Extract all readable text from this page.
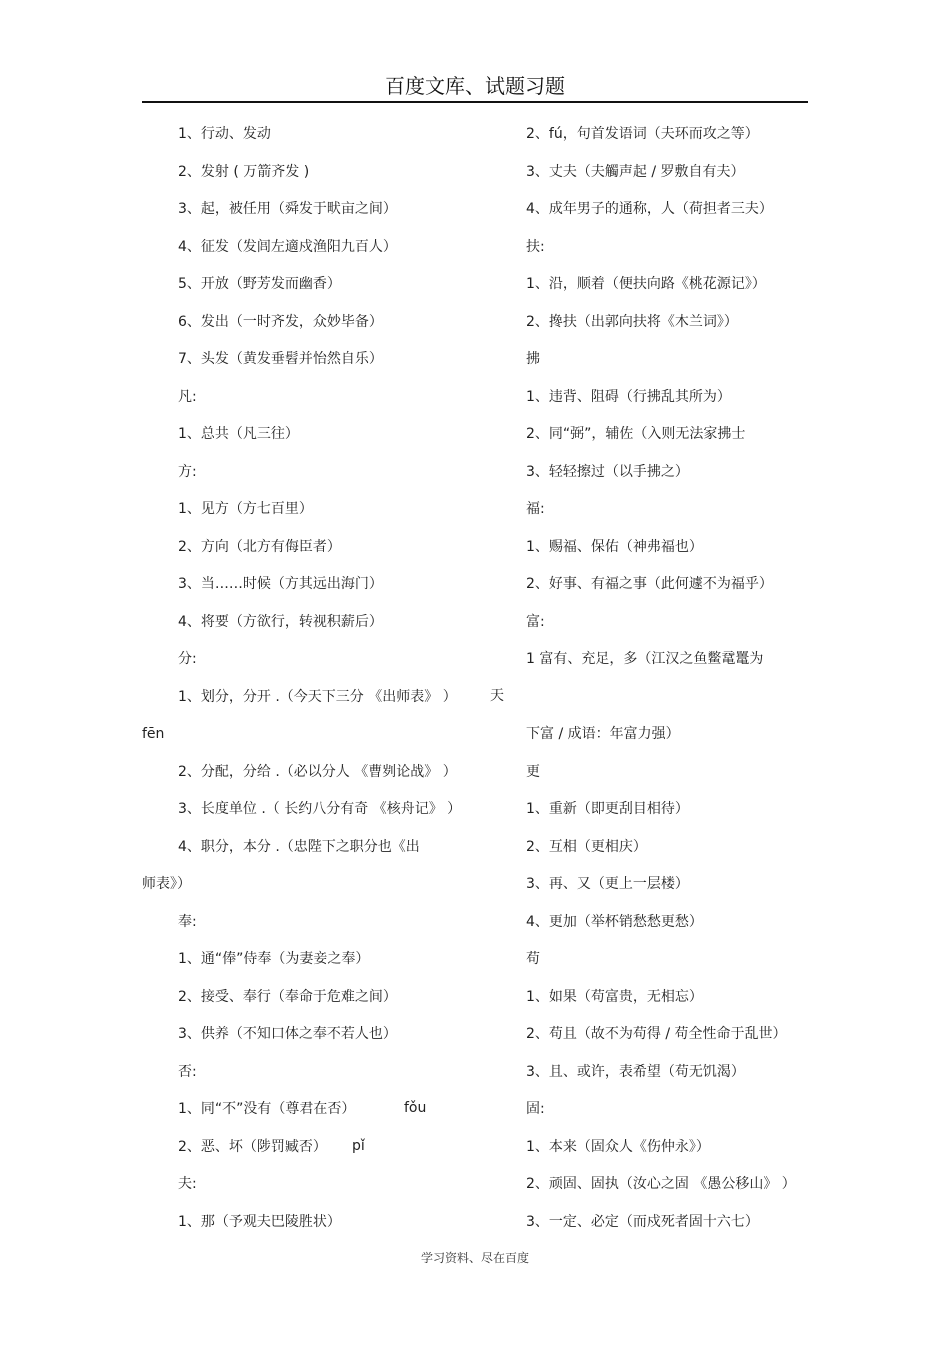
百度文库、试题习题
1、行动、发动
2、发射 ( 万箭齐发 )
3、起，被任用（舜发于畎亩之间）
4、征发（发闾左適戍渔阳九百人）
5、开放（野芳发而幽香）
6、发出（一时齐发，众妙毕备）
7、头发（黄发垂髫并怡然自乐）
凡:
1、总共（凡三往）
方:
1、见方（方七百里）
2、方向（北方有侮臣者）
3、当……时候（方其远出海门）
4、将要（方欲行，转视积薪后）
分:
1、划分，分开 .（今天下三分 《出师表》 ）
fēn
2、分配，分给 .（必以分人 《曹刿论战》 ）
3、长度单位 .（ 长约八分有奇 《核舟记》 ）
4、职分，本分 .（忠陛下之职分也《出
师表》）
奉:
1、通“俸”侍奉（为妻妾之奉）
2、接受、奉行（奉命于危难之间）
3、供养（不知口体之奉不若人也）
否:
1、同“不”没有（尊君在否）
2、恶、坏（陟罚臧否）
夫:
1、那（予观夫巴陵胜状）
2、fú，句首发语词（夫环而攻之等）
3、丈夫（夫觸声起 / 罗敷自有夫）
4、成年男子的通称，人（荷担者三夫）
扶:
1、沿，顺着（便扶向路《桃花源记》）
2、搀扶（出郭向扶将《木兰词》）
拂
1、违背、阻碍（行拂乱其所为）
2、同“弼”，辅佐（入则无法家拂士
3、轻轻擦过（以手拂之）
福:
1、赐福、保佑（神弗福也）
2、好事、有福之事（此何遽不为福乎）
富:
1 富有、充足，多（江汉之鱼鳖鼋鼍为
下富 / 成语：年富力强）
更
1、重新（即更刮目相待）
2、互相（更相庆）
3、再、又（更上一层楼）
4、更加（举杯销愁愁更愁）
苟
1、如果（苟富贵，无相忘）
2、苟且（故不为苟得 / 苟全性命于乱世）
3、且、或许，表希望（苟无饥渴）
固:
1、本来（固众人《伤仲永》）
2、顽固、固执（汝心之固 《愚公移山》 ）
3、一定、必定（而戍死者固十六七）
天
fǒu
pǐ
学习资料、尽在百度
